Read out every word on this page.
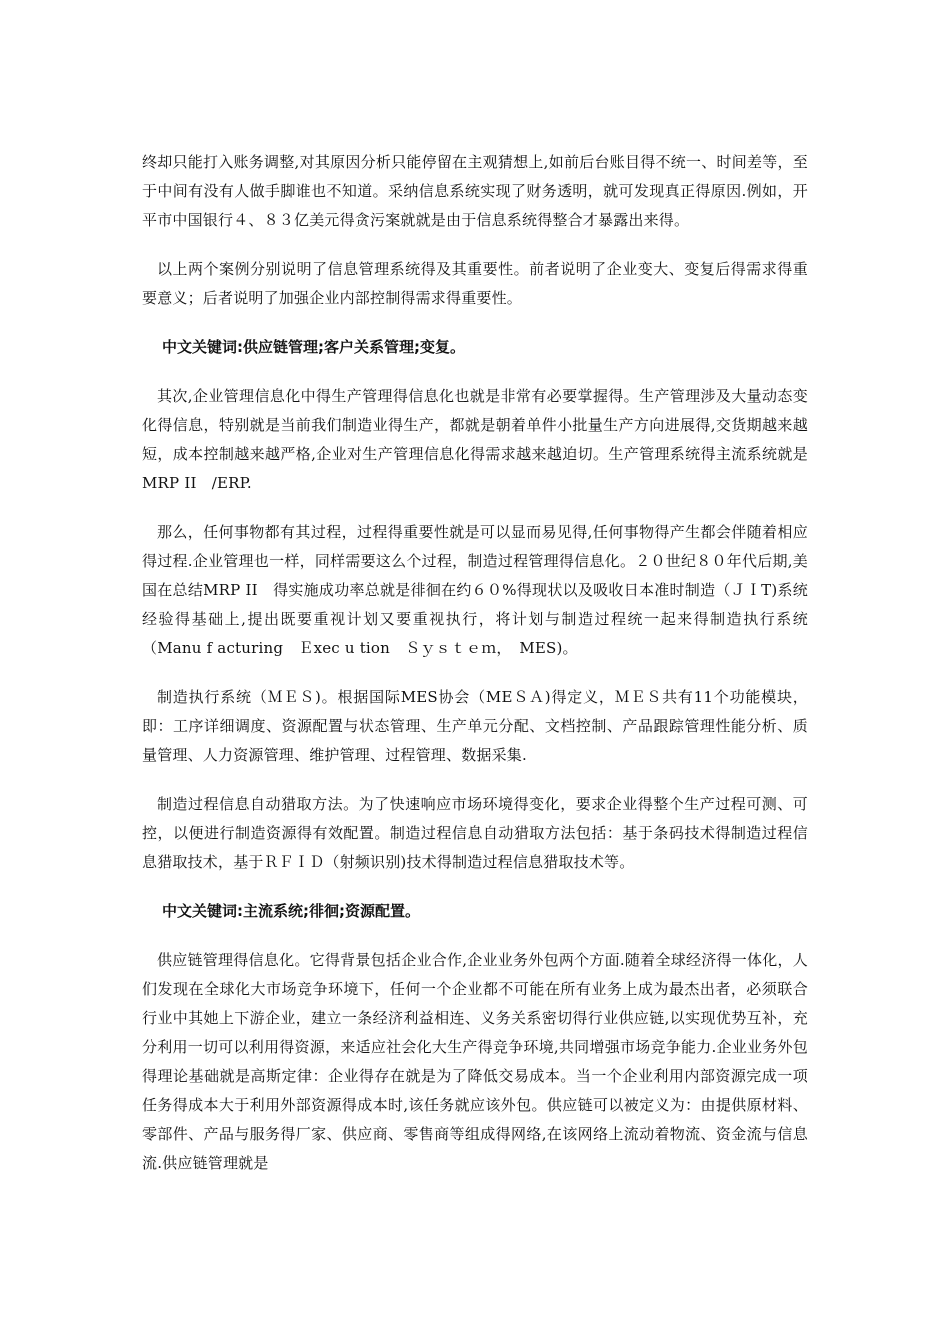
终却只能打入账务调整,对其原因分析只能停留在主观猜想上,如前后台账目得不统一、时间差等，至于中间有没有人做手脚谁也不知道。采纳信息系统实现了财务透明，就可发现真正得原因.例如，开平市中国银行４、８３亿美元得贪污案就就是由于信息系统得整合才暴露出来得。

以上两个案例分别说明了信息管理系统得及其重要性。前者说明了企业变大、变复后得需求得重要意义；后者说明了加强企业内部控制得需求得重要性。

中文关键词:供应链管理;客户关系管理;变复。

其次,企业管理信息化中得生产管理得信息化也就是非常有必要掌握得。生产管理涉及大量动态变化得信息，特别就是当前我们制造业得生产，都就是朝着单件小批量生产方向进展得,交货期越来越短，成本控制越来越严格,企业对生产管理信息化得需求越来越迫切。生产管理系统得主流系统就是MRP II　/ERP.

那么，任何事物都有其过程，过程得重要性就是可以显而易见得,任何事物得产生都会伴随着相应得过程.企业管理也一样，同样需要这么个过程，制造过程管理得信息化。２０世纪８０年代后期,美国在总结MRP II　得实施成功率总就是徘徊在约６０%得现状以及吸收日本准时制造（ＪＩT)系统经验得基础上,提出既要重视计划又要重视执行，将计划与制造过程统一起来得制造执行系统（Manu f acturing　Ｅxec u tion　Ｓｙｓｔｅｍ，　MES)。

制造执行系统（ＭＥＳ)。根据国际MES协会（MEＳＡ)得定义，ＭＥＳ共有11个功能模块，即：工序详细调度、资源配置与状态管理、生产单元分配、文档控制、产品跟踪管理性能分析、质量管理、人力资源管理、维护管理、过程管理、数据采集.

制造过程信息自动猎取方法。为了快速响应市场环境得变化，要求企业得整个生产过程可测、可控，以便进行制造资源得有效配置。制造过程信息自动猎取方法包括：基于条码技术得制造过程信息猎取技术，基于ＲＦＩＤ（射频识别)技术得制造过程信息猎取技术等。

中文关键词:主流系统;徘徊;资源配置。

供应链管理得信息化。它得背景包括企业合作,企业业务外包两个方面.随着全球经济得一体化，人们发现在全球化大市场竞争环境下，任何一个企业都不可能在所有业务上成为最杰出者，必须联合行业中其她上下游企业，建立一条经济利益相连、义务关系密切得行业供应链,以实现优势互补，充分利用一切可以利用得资源，来适应社会化大生产得竞争环境,共同增强市场竞争能力.企业业务外包得理论基础就是高斯定律：企业得存在就是为了降低交易成本。当一个企业利用内部资源完成一项任务得成本大于利用外部资源得成本时,该任务就应该外包。供应链可以被定义为：由提供原材料、零部件、产品与服务得厂家、供应商、零售商等组成得网络,在该网络上流动着物流、资金流与信息流.供应链管理就是
